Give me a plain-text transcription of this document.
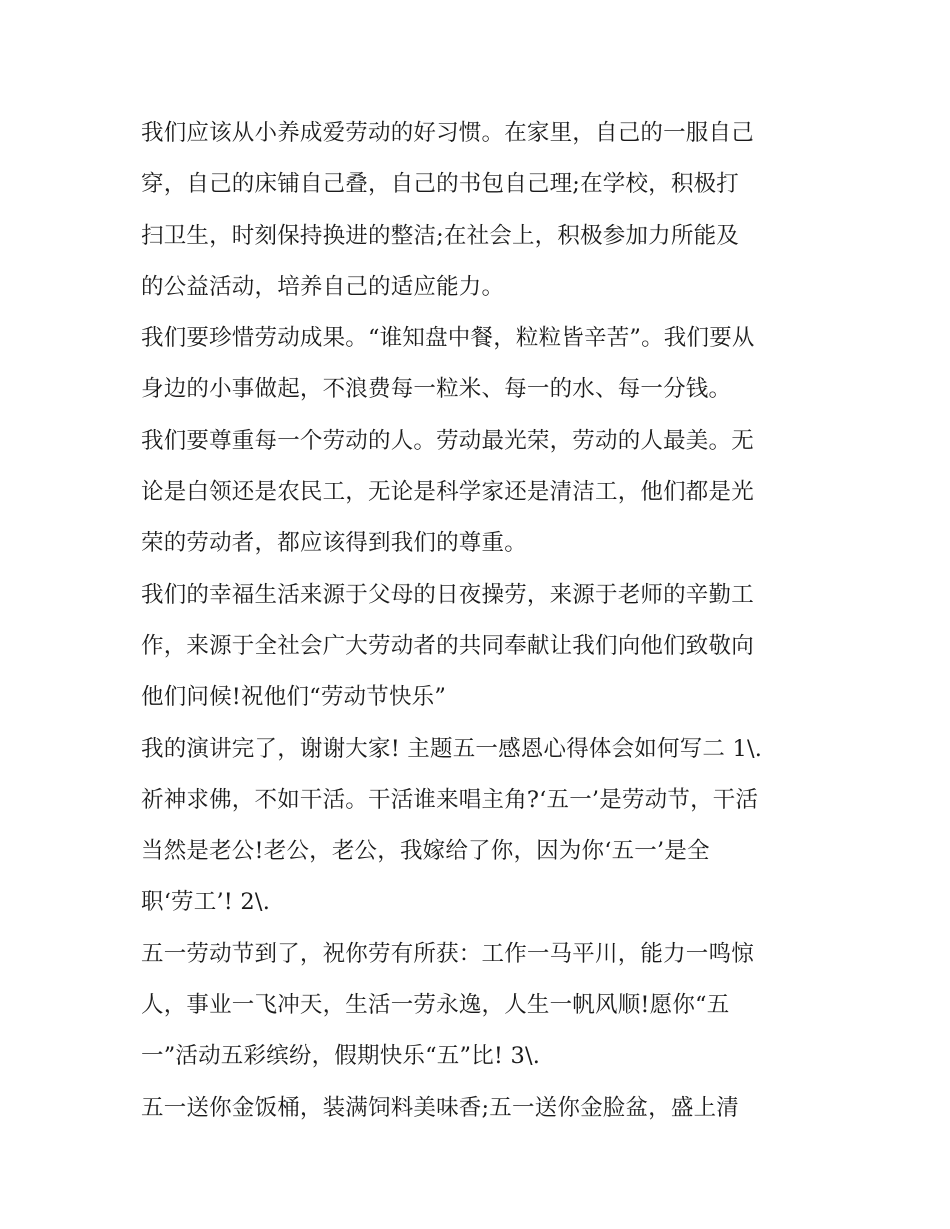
我们应该从小养成爱劳动的好习惯。在家里，自己的一服自己
穿，自己的床铺自己叠，自己的书包自己理;在学校，积极打
扫卫生，时刻保持换进的整洁;在社会上，积极参加力所能及
的公益活动，培养自己的适应能力。
我们要珍惜劳动成果。“谁知盘中餐，粒粒皆辛苦”。我们要从
身边的小事做起，不浪费每一粒米、每一的水、每一分钱。
我们要尊重每一个劳动的人。劳动最光荣，劳动的人最美。无
论是白领还是农民工，无论是科学家还是清洁工，他们都是光
荣的劳动者，都应该得到我们的尊重。
我们的幸福生活来源于父母的日夜操劳，来源于老师的辛勤工
作，来源于全社会广大劳动者的共同奉献让我们向他们致敬向
他们问候!祝他们“劳动节快乐”
我的演讲完了，谢谢大家! 主题五一感恩心得体会如何写二 1\.
祈神求佛，不如干活。干活谁来唱主角?‘五一’是劳动节，干活
当然是老公!老公，老公，我嫁给了你，因为你‘五一’是全
职‘劳工’! 2\.
五一劳动节到了，祝你劳有所获：工作一马平川，能力一鸣惊
人，事业一飞冲天，生活一劳永逸，人生一帆风顺!愿你“五
一”活动五彩缤纷，假期快乐“五”比! 3\.
五一送你金饭桶，装满饲料美味香;五一送你金脸盆，盛上清
